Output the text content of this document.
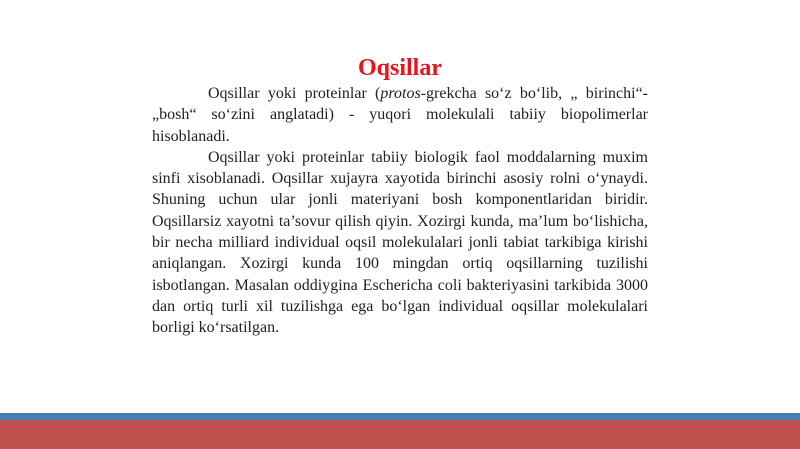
Oqsillar

Oqsillar yoki proteinlar (protos-grekcha so‘z bo‘lib, „ birinchi“-„bosh“ so‘zini anglatadi) - yuqori molekulali tabiiy biopolimerlar hisoblanadi.

Oqsillar yoki proteinlar tabiiy biologik faol moddalarning muxim sinfi xisoblanadi. Oqsillar xujayra xayotida birinchi asosiy rolni o‘ynaydi. Shuning uchun ular jonli materiyani bosh komponentlaridan biridir. Oqsillarsiz xayotni ta’sovur qilish qiyin. Xozirgi kunda, ma’lum bo‘lishicha, bir necha milliard individual oqsil molekulalari jonli tabiat tarkibiga kirishi aniqlangan. Xozirgi kunda 100 mingdan ortiq oqsillarning tuzilishi isbotlangan. Masalan oddiygina Eschericha coli bakteriyasini tarkibida 3000 dan ortiq turli xil tuzilishga ega bo‘lgan individual oqsillar molekulalari borligi ko‘rsatilgan.
